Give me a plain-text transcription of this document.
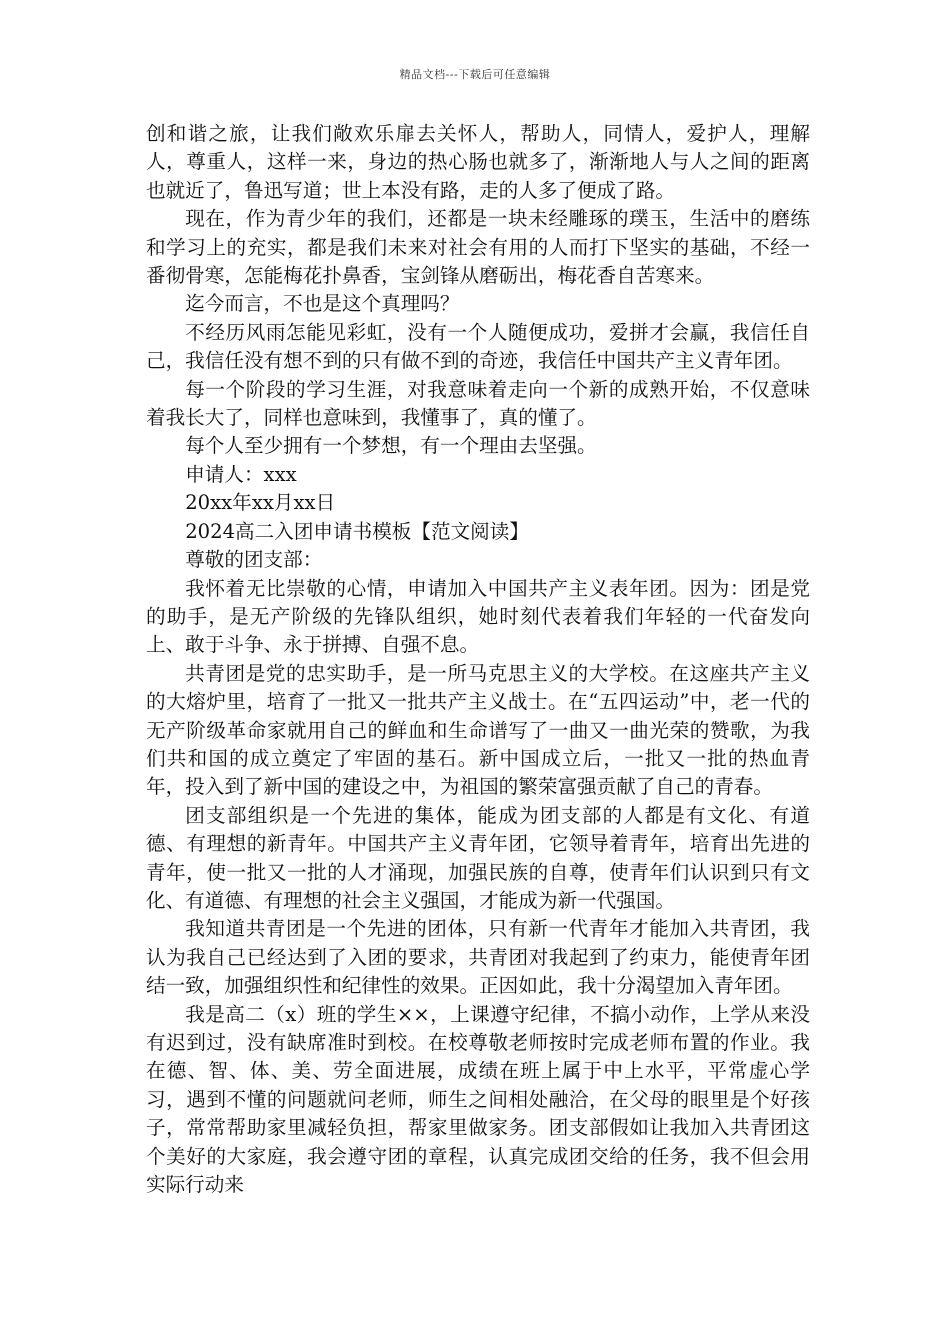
精品文档---下载后可任意编辑

创和谐之旅，让我们敞欢乐扉去关怀人，帮助人，同情人，爱护人，理解人，尊重人，这样一来，身边的热心肠也就多了，渐渐地人与人之间的距离也就近了，鲁迅写道；世上本没有路，走的人多了便成了路。

现在，作为青少年的我们，还都是一块未经雕琢的璞玉，生活中的磨练和学习上的充实，都是我们未来对社会有用的人而打下坚实的基础，不经一番彻骨寒，怎能梅花扑鼻香，宝剑锋从磨砺出，梅花香自苦寒来。

迄今而言，不也是这个真理吗？

不经历风雨怎能见彩虹，没有一个人随便成功，爱拼才会赢，我信任自己，我信任没有想不到的只有做不到的奇迹，我信任中国共产主义青年团。

每一个阶段的学习生涯，对我意味着走向一个新的成熟开始，不仅意味着我长大了，同样也意味到，我懂事了，真的懂了。

每个人至少拥有一个梦想，有一个理由去坚强。

申请人：xxx

20xx年xx月xx日

2024高二入团申请书模板【范文阅读】

尊敬的团支部：

我怀着无比崇敬的心情，申请加入中国共产主义表年团。因为：团是党的助手，是无产阶级的先锋队组织，她时刻代表着我们年轻的一代奋发向上、敢于斗争、永于拼搏、自强不息。

共青团是党的忠实助手，是一所马克思主义的大学校。在这座共产主义的大熔炉里，培育了一批又一批共产主义战士。在“五四运动”中，老一代的无产阶级革命家就用自己的鲜血和生命谱写了一曲又一曲光荣的赞歌，为我们共和国的成立奠定了牢固的基石。新中国成立后，一批又一批的热血青年，投入到了新中国的建设之中，为祖国的繁荣富强贡献了自己的青春。

团支部组织是一个先进的集体，能成为团支部的人都是有文化、有道德、有理想的新青年。中国共产主义青年团，它领导着青年，培育出先进的青年，使一批又一批的人才涌现，加强民族的自尊，使青年们认识到只有文化、有道德、有理想的社会主义强国，才能成为新一代强国。

我知道共青团是一个先进的团体，只有新一代青年才能加入共青团，我认为我自己已经达到了入团的要求，共青团对我起到了约束力，能使青年团结一致，加强组织性和纪律性的效果。正因如此，我十分渴望加入青年团。

我是高二（x）班的学生××，上课遵守纪律，不搞小动作，上学从来没有迟到过，没有缺席准时到校。在校尊敬老师按时完成老师布置的作业。我在德、智、体、美、劳全面进展，成绩在班上属于中上水平，平常虚心学习，遇到不懂的问题就问老师，师生之间相处融洽，在父母的眼里是个好孩子，常常帮助家里减轻负担，帮家里做家务。团支部假如让我加入共青团这个美好的大家庭，我会遵守团的章程，认真完成团交给的任务，我不但会用实际行动来
